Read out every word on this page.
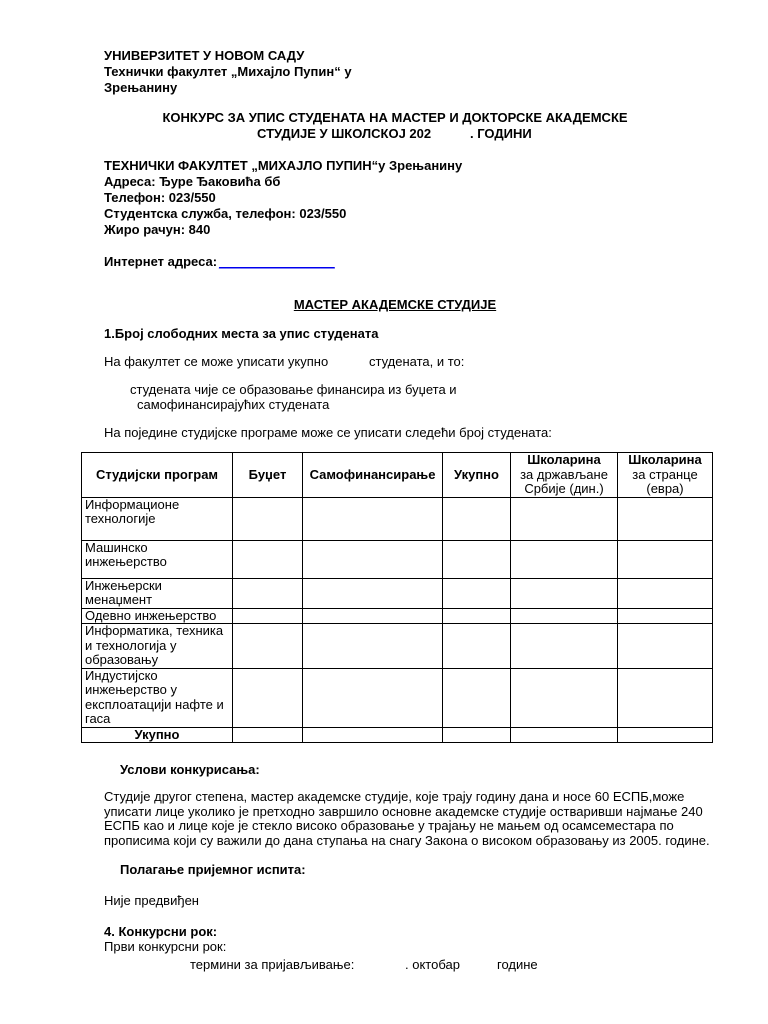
УНИВЕРЗИТЕТ У НОВОМ САДУ
Технички факултет „Михајло Пупин“ у
Зрењанину
КОНКУРС ЗА УПИС СТУДЕНАТА НА МАСТЕР И ДОКТОРСКЕ АКАДЕМСКЕ
СТУДИЈЕ У ШКОЛСКОЈ 202	. ГОДИНИ
ТЕХНИЧКИ ФАКУЛТЕТ „МИХАЈЛО ПУПИН“у Зрењанину
Адреса: Ђуре Ђаковића бб
Телефон: 023/550
Студентска служба, телефон: 023/550
Жиро рачун: 840
Интернет адреса: ________________
МАСТЕР АКАДЕМСКЕ СТУДИЈЕ
1.Број слободних места за упис студената
На факултет се може уписати укупно	студената, и то:
студената чије се образовање финансира из буџета и
самофинансирајућих студената
На поједине студијске програме може се уписати следећи број студената:
Студијски програм	Буџет	Самофинансирање	Укупно	Школарина
за држављане
Србије (дин.)	Школарина
за странце
(евра)
Информационе технологије					
Машинско инжењерство					
Инжењерски менаџмент					
Одевно инжењерство					
Информатика, техника и технологија у образовању					
Индустијско инжењерство у експлоатацији нафте и гаса					
Укупно					
Услови конкурисања:
Студије другог степена, мастер академске студије, које трају годину дана и носе 60 ЕСПБ,може уписати лице уколико је претходно завршило основне академске студије остваривши најмање 240 ЕСПБ као и лице које је стекло високо образовање у трајању не мањем од осамсеместара по прописима који су важили до дана ступања на снагу Закона о високом образовању из 2005. године.
Полагање пријемног испита:
Није предвиђен
4. Конкурсни рок:
Први конкурсни рок:
термини за пријављивање:	. октобар	године
